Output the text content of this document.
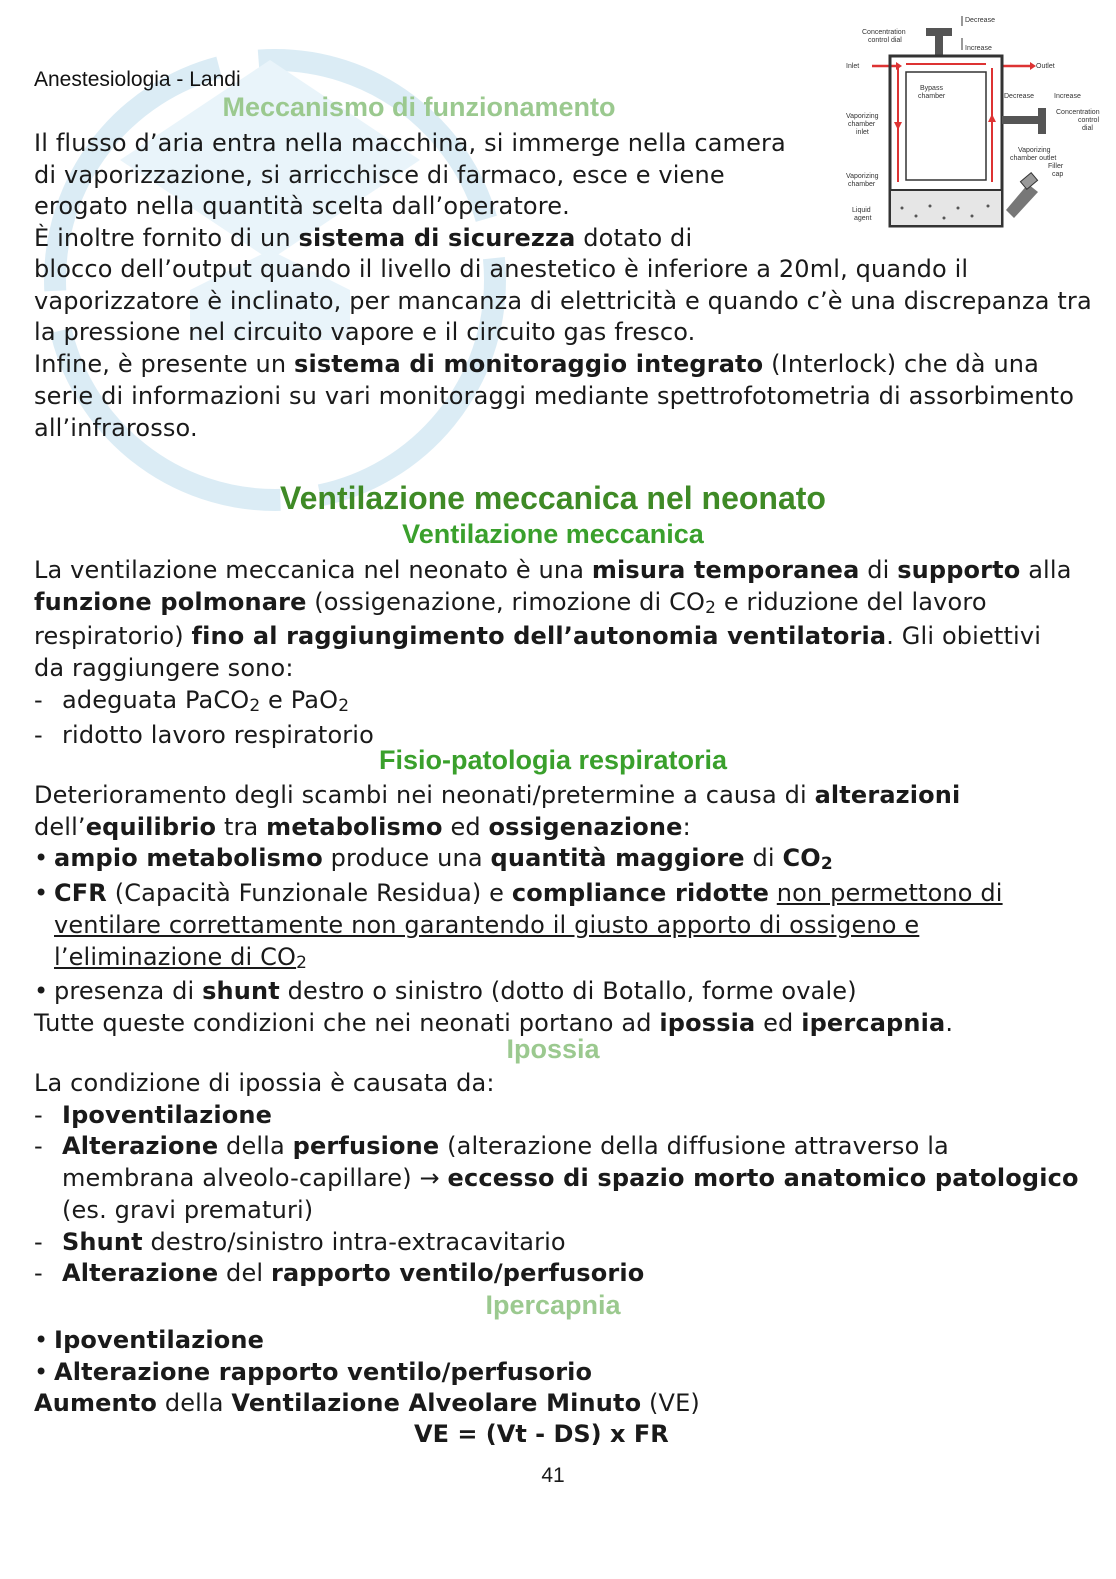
Anestesiologia - Landi
Decrease
Increase
Concentration
control dial
Inlet	Outlet
Bypass
chamber	Decrease	Increase
Concentration
control
dial
Vaporizing
chamber
inlet
Vaporizing
chamber outlet
Filler
cap
Vaporizing
chamber
Liquid
agent
Meccanismo di funzionamento
Il flusso d’aria entra nella macchina, si immerge nella camera di vaporizzazione, si arricchisce di farmaco, esce e viene erogato nella quantità scelta dall’operatore.
È inoltre fornito di un sistema di sicurezza dotato di
blocco dell’output quando il livello di anestetico è inferiore a 20ml, quando il vaporizzatore è inclinato, per mancanza di elettricità e quando c’è una discrepanza tra la pressione nel circuito vapore e il circuito gas fresco.
Infine, è presente un sistema di monitoraggio integrato (Interlock) che dà una serie di informazioni su vari monitoraggi mediante spettrofotometria di assorbimento all’infrarosso.
Ventilazione meccanica nel neonato
Ventilazione meccanica
La ventilazione meccanica nel neonato è una misura temporanea di supporto alla funzione polmonare (ossigenazione, rimozione di CO2 e riduzione del lavoro respiratorio) fino al raggiungimento dell’autonomia ventilatoria. Gli obiettivi da raggiungere sono:
- adeguata PaCO2 e PaO2
- ridotto lavoro respiratorio
Fisio-patologia respiratoria
Deterioramento degli scambi nei neonati/pretermine a causa di alterazioni
dell’equilibrio tra metabolismo ed ossigenazione:
• ampio metabolismo produce una quantità maggiore di CO2
• CFR (Capacità Funzionale Residua) e compliance ridotte non permettono di ventilare correttamente non garantendo il giusto apporto di ossigeno e l’eliminazione di CO2
• presenza di shunt destro o sinistro (dotto di Botallo, forme ovale)
Tutte queste condizioni che nei neonati portano ad ipossia ed ipercapnia.
Ipossia
La condizione di ipossia è causata da:
- Ipoventilazione
- Alterazione della perfusione (alterazione della diffusione attraverso la membrana alveolo-capillare) → eccesso di spazio morto anatomico patologico (es. gravi prematuri)
- Shunt destro/sinistro intra-extracavitario
- Alterazione del rapporto ventilo/perfusorio
Ipercapnia
• Ipoventilazione
• Alterazione rapporto ventilo/perfusorio
Aumento della Ventilazione Alveolare Minuto (VE)
VE = (Vt - DS) x FR
41
